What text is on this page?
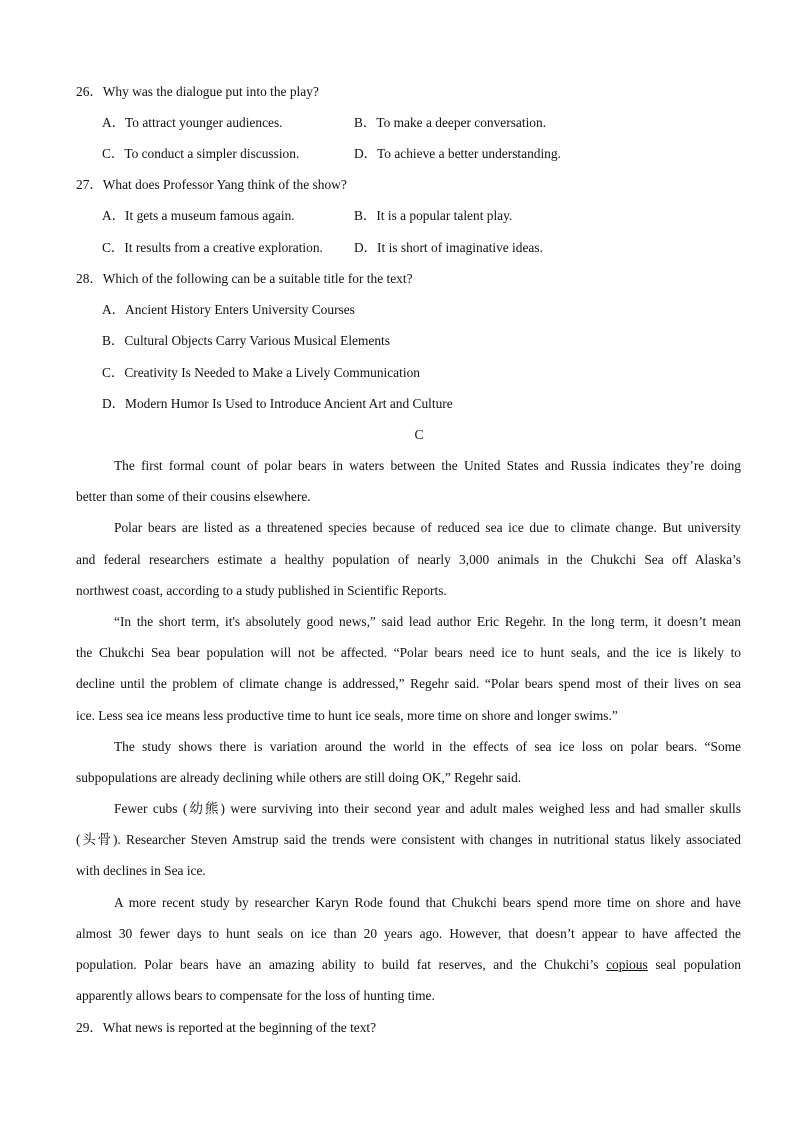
26．Why was the dialogue put into the play?
A．To attract younger audiences.	B．To make a deeper conversation.
C．To conduct a simpler discussion.	D．To achieve a better understanding.
27．What does Professor Yang think of the show?
A．It gets a museum famous again.	B．It is a popular talent play.
C．It results from a creative exploration. D．It is short of imaginative ideas.
28．Which of the following can be a suitable title for the text?
A．Ancient History Enters University Courses
B．Cultural Objects Carry Various Musical Elements
C．Creativity Is Needed to Make a Lively Communication
D．Modern Humor Is Used to Introduce Ancient Art and Culture
C
The first formal count of polar bears in waters between the United States and Russia indicates they’re doing
better than some of their cousins elsewhere.
Polar bears are listed as a threatened species because of reduced sea ice due to climate change. But university
and federal researchers estimate a healthy population of nearly 3,000 animals in the Chukchi Sea off Alaska’s
northwest coast, according to a study published in Scientific Reports.
“In the short term, it's absolutely good news,” said lead author Eric Regehr. In the long term, it doesn’t mean
the Chukchi Sea bear population will not be affected. “Polar bears need ice to hunt seals, and the ice is likely to
decline until the problem of climate change is addressed,” Regehr said. “Polar bears spend most of their lives on sea
ice. Less sea ice means less productive time to hunt ice seals, more time on shore and longer swims.”
The study shows there is variation around the world in the effects of sea ice loss on polar bears. “Some
subpopulations are already declining while others are still doing OK,” Regehr said.
Fewer cubs (幼熊) were surviving into their second year and adult males weighed less and had smaller skulls
(头骨). Researcher Steven Amstrup said the trends were consistent with changes in nutritional status likely associated
with declines in Sea ice.
A more recent study by researcher Karyn Rode found that Chukchi bears spend more time on shore and have
almost 30 fewer days to hunt seals on ice than 20 years ago. However, that doesn’t appear to have affected the
population. Polar bears have an amazing ability to build fat reserves, and the Chukchi’s copious seal population
apparently allows bears to compensate for the loss of hunting time.
29．What news is reported at the beginning of the text?
